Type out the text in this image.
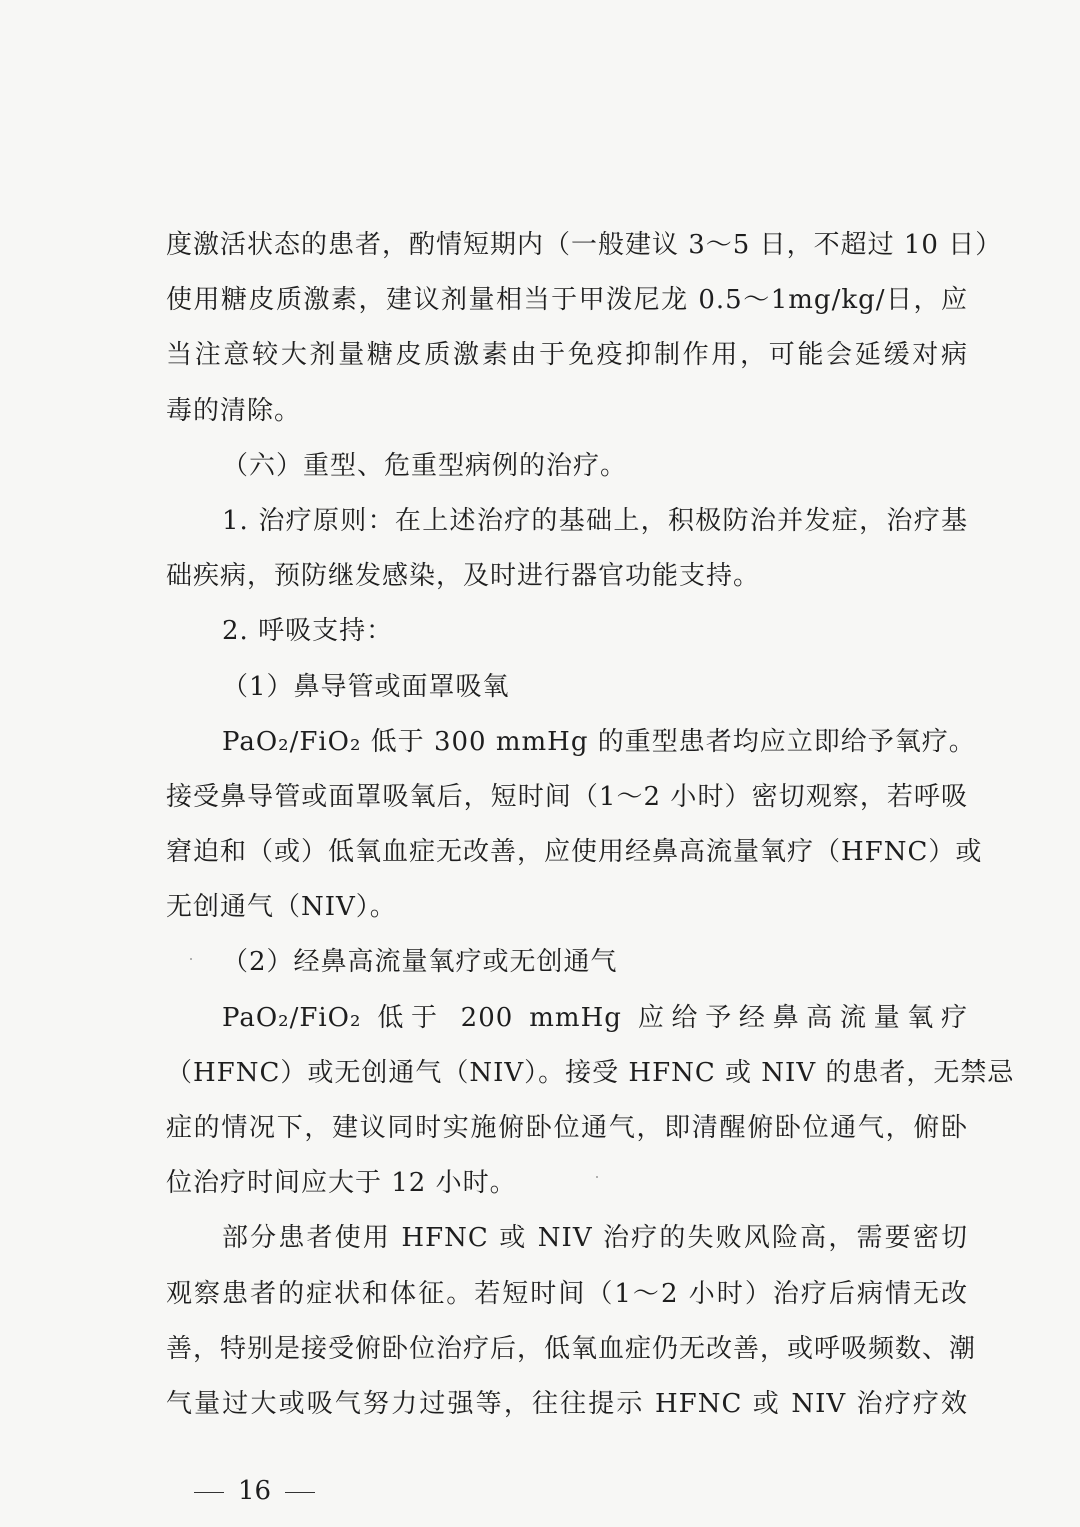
度激活状态的患者，酌情短期内（一般建议 3～5 日，不超过 10 日）
使用糖皮质激素，建议剂量相当于甲泼尼龙 0.5～1mg/kg/日，应
当注意较大剂量糖皮质激素由于免疫抑制作用，可能会延缓对病
毒的清除。
（六）重型、危重型病例的治疗。
1. 治疗原则：在上述治疗的基础上，积极防治并发症，治疗基
础疾病，预防继发感染，及时进行器官功能支持。
2. 呼吸支持：
（1）鼻导管或面罩吸氧
PaO₂/FiO₂ 低于 300 mmHg 的重型患者均应立即给予氧疗。
接受鼻导管或面罩吸氧后，短时间（1～2 小时）密切观察，若呼吸
窘迫和（或）低氧血症无改善，应使用经鼻高流量氧疗（HFNC）或
无创通气（NIV）。
（2）经鼻高流量氧疗或无创通气
PaO₂/FiO₂ 低于 200 mmHg 应给予经鼻高流量氧疗
（HFNC）或无创通气（NIV）。接受 HFNC 或 NIV 的患者，无禁忌
症的情况下，建议同时实施俯卧位通气，即清醒俯卧位通气，俯卧
位治疗时间应大于 12 小时。
部分患者使用 HFNC 或 NIV 治疗的失败风险高，需要密切
观察患者的症状和体征。若短时间（1～2 小时）治疗后病情无改
善，特别是接受俯卧位治疗后，低氧血症仍无改善，或呼吸频数、潮
气量过大或吸气努力过强等，往往提示 HFNC 或 NIV 治疗疗效
16
